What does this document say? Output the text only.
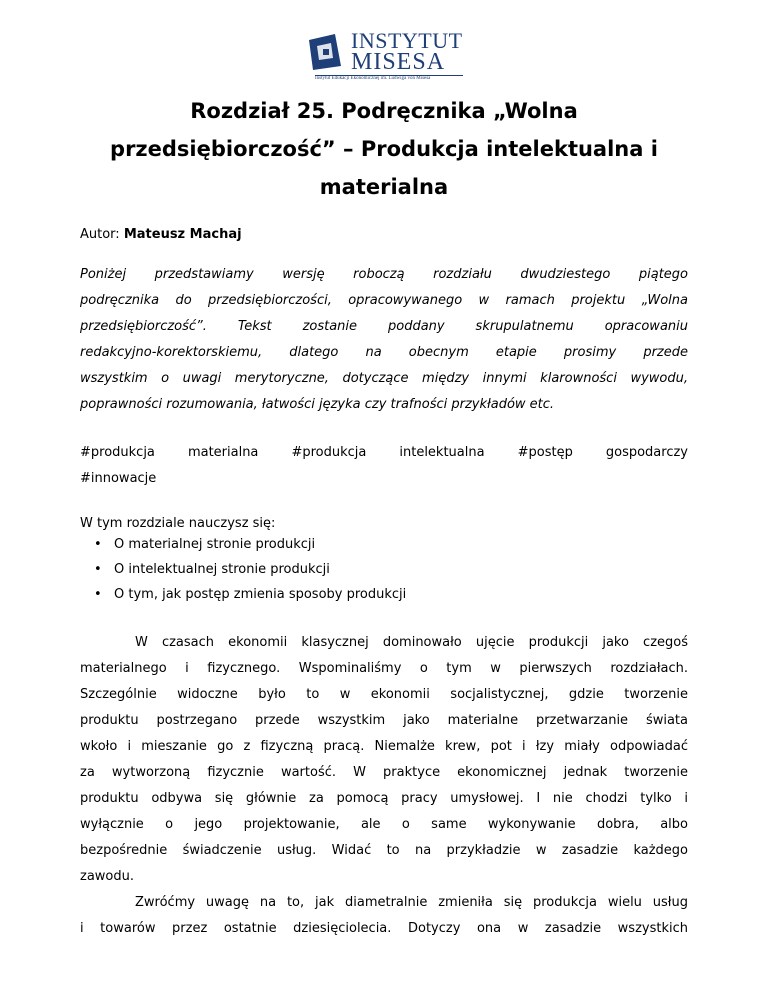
INSTYTUT
MISESA
Instytut Edukacji Ekonomicznej im. Ludwiga von Misesa
Rozdział 25. Podręcznika „Wolna
przedsiębiorczość” – Produkcja intelektualna i
materialna
Autor: Mateusz Machaj
Poniżej przedstawiamy wersję roboczą rozdziału dwudziestego piątego
podręcznika do przedsiębiorczości, opracowywanego w ramach projektu „Wolna
przedsiębiorczość”. Tekst zostanie poddany skrupulatnemu opracowaniu
redakcyjno-korektorskiemu, dlatego na obecnym etapie prosimy przede
wszystkim o uwagi merytoryczne, dotyczące między innymi klarowności wywodu,
poprawności rozumowania, łatwości języka czy trafności przykładów etc.
#produkcja materialna #produkcja intelektualna #postęp gospodarczy
#innowacje
W tym rozdziale nauczysz się:
• O materialnej stronie produkcji
• O intelektualnej stronie produkcji
• O tym, jak postęp zmienia sposoby produkcji
W czasach ekonomii klasycznej dominowało ujęcie produkcji jako czegoś
materialnego i fizycznego. Wspominaliśmy o tym w pierwszych rozdziałach.
Szczególnie widoczne było to w ekonomii socjalistycznej, gdzie tworzenie
produktu postrzegano przede wszystkim jako materialne przetwarzanie świata
wkoło i mieszanie go z fizyczną pracą. Niemalże krew, pot i łzy miały odpowiadać
za wytworzoną fizycznie wartość. W praktyce ekonomicznej jednak tworzenie
produktu odbywa się głównie za pomocą pracy umysłowej. I nie chodzi tylko i
wyłącznie o jego projektowanie, ale o same wykonywanie dobra, albo
bezpośrednie świadczenie usług. Widać to na przykładzie w zasadzie każdego
zawodu.
Zwróćmy uwagę na to, jak diametralnie zmieniła się produkcja wielu usług
i towarów przez ostatnie dziesięciolecia. Dotyczy ona w zasadzie wszystkich
